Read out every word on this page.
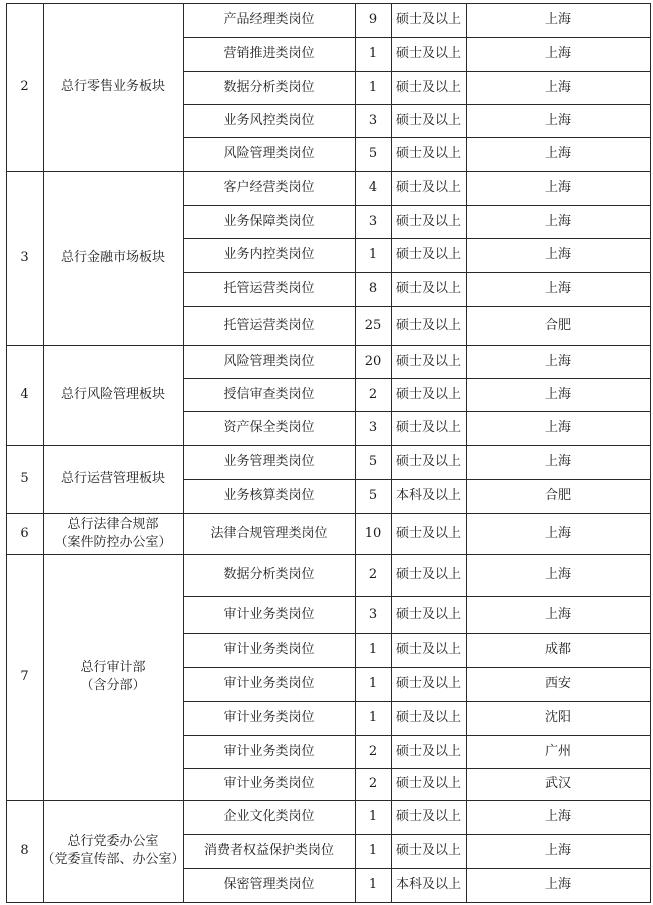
2	总行零售业务板块
产品经理类岗位	9	硕士及以上	上海
营销推进类岗位	1	硕士及以上	上海
数据分析类岗位	1	硕士及以上	上海
业务风控类岗位	3	硕士及以上	上海
风险管理类岗位	5	硕士及以上	上海
3	总行金融市场板块
客户经营类岗位	4	硕士及以上	上海
业务保障类岗位	3	硕士及以上	上海
业务内控类岗位	1	硕士及以上	上海
托管运营类岗位	8	硕士及以上	上海
托管运营类岗位	25	硕士及以上	合肥
4	总行风险管理板块
风险管理类岗位	20	硕士及以上	上海
授信审查类岗位	2	硕士及以上	上海
资产保全类岗位	3	硕士及以上	上海
5	总行运营管理板块
业务管理类岗位	5	硕士及以上	上海
业务核算类岗位	5	本科及以上	合肥
6
总行法律合规部
（案件防控办公室）
法律合规管理类岗位	10	硕士及以上	上海
7
总行审计部
（含分部）
数据分析类岗位	2	硕士及以上	上海
审计业务类岗位	3	硕士及以上	上海
审计业务类岗位	1	硕士及以上	成都
审计业务类岗位	1	硕士及以上	西安
审计业务类岗位	1	硕士及以上	沈阳
审计业务类岗位	2	硕士及以上	广州
审计业务类岗位	2	硕士及以上	武汉
8
总行党委办公室
（党委宣传部、办公室）
企业文化类岗位	1	硕士及以上	上海
消费者权益保护类岗位	1	硕士及以上	上海
保密管理类岗位	1	本科及以上	上海
